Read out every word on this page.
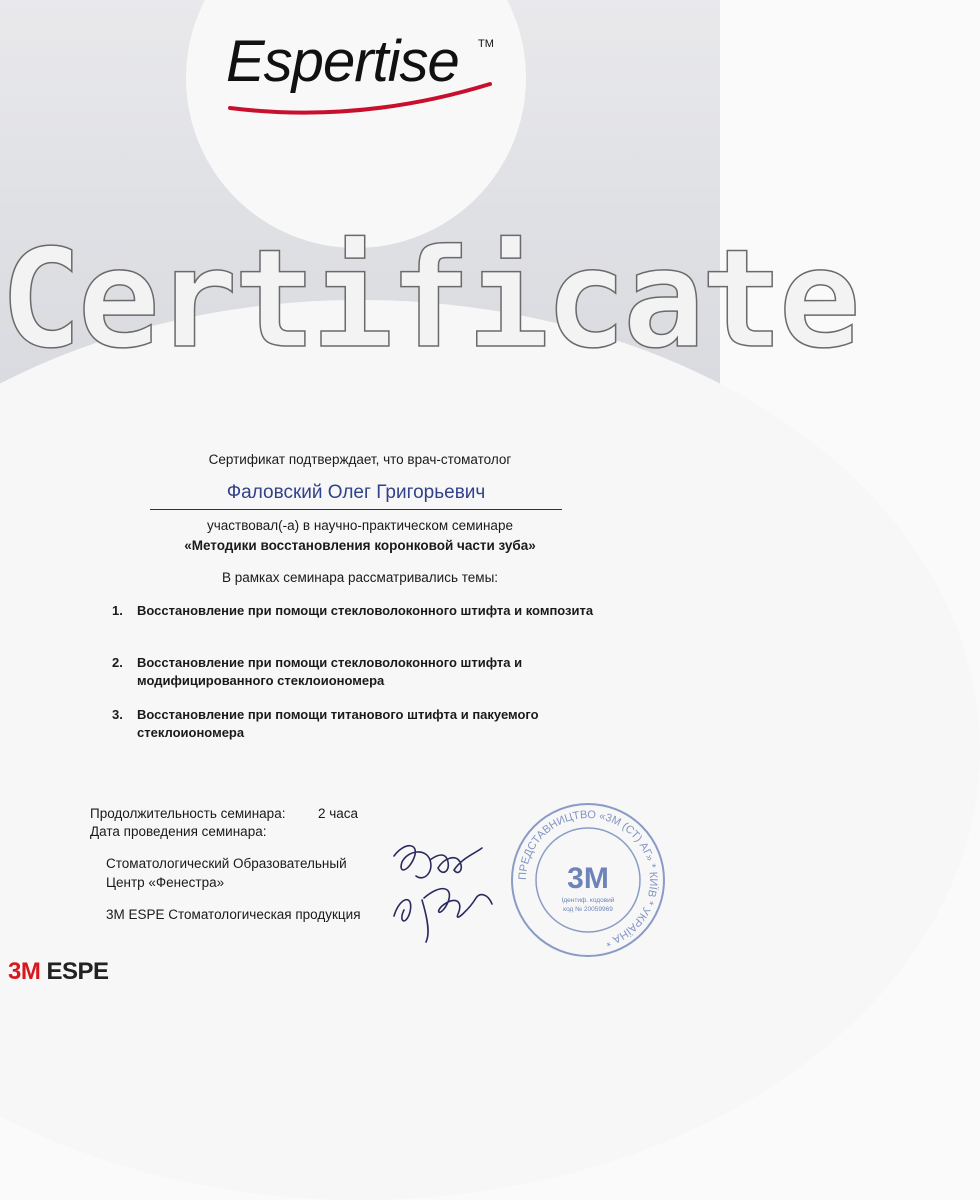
Espertise TM
Certificate
Сертификат подтверждает, что врач-стоматолог
Фаловский Олег Григорьевич
участвовал(-а) в научно-практическом семинаре
«Методики восстановления коронковой части зуба»
В рамках семинара рассматривались темы:
1. Восстановление при помощи стекловолоконного штифта и композита
2. Восстановление при помощи стекловолоконного штифта и модифицированного стеклоиономера
3. Восстановление при помощи титанового штифта и пакуемого стеклоиономера
Продолжительность семинара: 2 часа
Дата проведения семинара:
Стоматологический Образовательный
Центр «Фенестра»
3M ESPE Стоматологическая продукция
ПРЕДСТАВНИЦТВО «3М (СТ) АГ» * КИЇВ * УКРАЇНА *
3M
Ідентиф. кодовий
код № 20059969
3M ESPE
